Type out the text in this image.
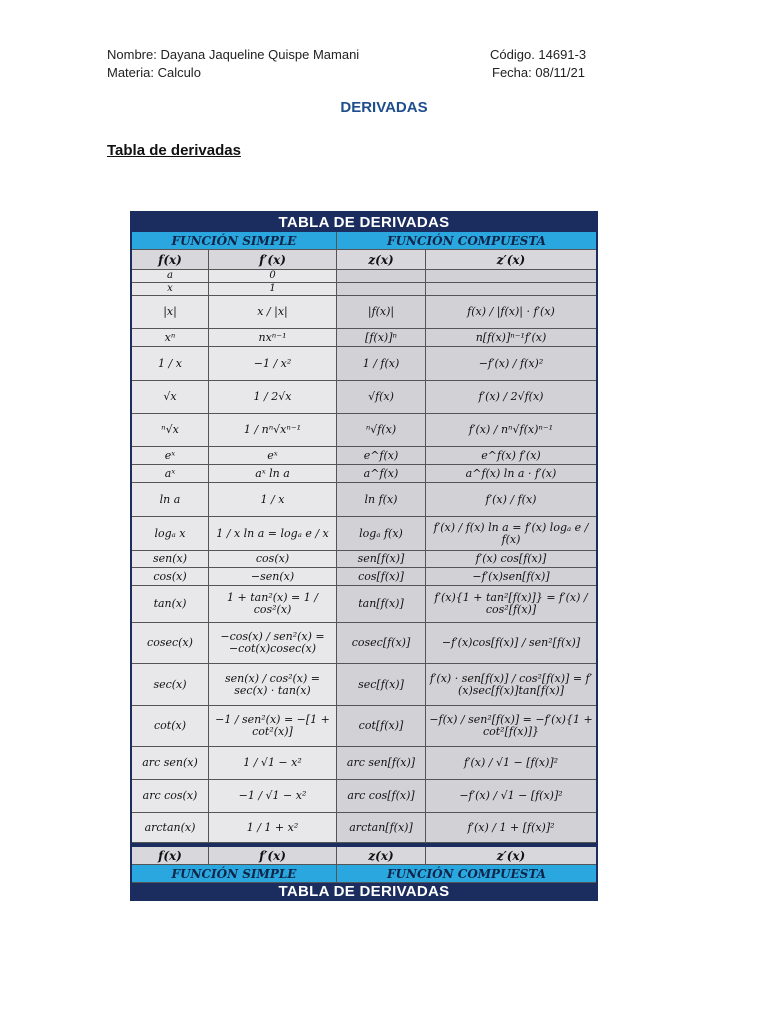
Nombre: Dayana Jaqueline Quispe Mamani
Materia: Calculo
Código. 14691-3
Fecha: 08/11/21
DERIVADAS
Tabla de derivadas
TABLA DE DERIVADAS
FUNCIÓN SIMPLE	FUNCIÓN COMPUESTA
f(x)	f′(x)	z(x)	z′(x)
a	0
x	1
|x|	x / |x|	|f(x)|	f(x) / |f(x)| · f′(x)
xⁿ	nxⁿ⁻¹	[f(x)]ⁿ	n[f(x)]ⁿ⁻¹f′(x)
1 / x	−1 / x²	1 / f(x)	−f′(x) / f(x)²
√x	1 / 2√x	√f(x)	f′(x) / 2√f(x)
ⁿ√x	1 / nⁿ√xⁿ⁻¹	ⁿ√f(x)	f′(x) / nⁿ√f(x)ⁿ⁻¹
eˣ	eˣ	e^f(x)	e^f(x) f′(x)
aˣ	aˣ ln a	a^f(x)	a^f(x) ln a · f′(x)
ln a	1 / x	ln f(x)	f′(x) / f(x)
logₐ x	1 / x ln a = logₐ e / x	logₐ f(x)	f′(x) / f(x) ln a = f′(x) logₐ e / f(x)
sen(x)	cos(x)	sen[f(x)]	f′(x) cos[f(x)]
cos(x)	−sen(x)	cos[f(x)]	−f′(x)sen[f(x)]
tan(x)	1 + tan²(x) = 1 / cos²(x)	tan[f(x)]	f′(x){1 + tan²[f(x)]} = f′(x) / cos²[f(x)]
cosec(x)	−cos(x) / sen²(x) = −cot(x)cosec(x)	cosec[f(x)]	−f′(x)cos[f(x)] / sen²[f(x)]
sec(x)	sen(x) / cos²(x) = sec(x) · tan(x)	sec[f(x)]	f′(x) · sen[f(x)] / cos²[f(x)] = f′(x)sec[f(x)]tan[f(x)]
cot(x)	−1 / sen²(x) = −[1 + cot²(x)]	cot[f(x)]	−f(x) / sen²[f(x)] = −f′(x){1 + cot²[f(x)]}
arc sen(x)	1 / √1 − x²	arc sen[f(x)]	f′(x) / √1 − [f(x)]²
arc cos(x)	−1 / √1 − x²	arc cos[f(x)]	−f′(x) / √1 − [f(x)]²
arctan(x)	1 / 1 + x²	arctan[f(x)]	f′(x) / 1 + [f(x)]²
f(x)	f′(x)	z(x)	z′(x)
FUNCIÓN SIMPLE	FUNCIÓN COMPUESTA
TABLA DE DERIVADAS
